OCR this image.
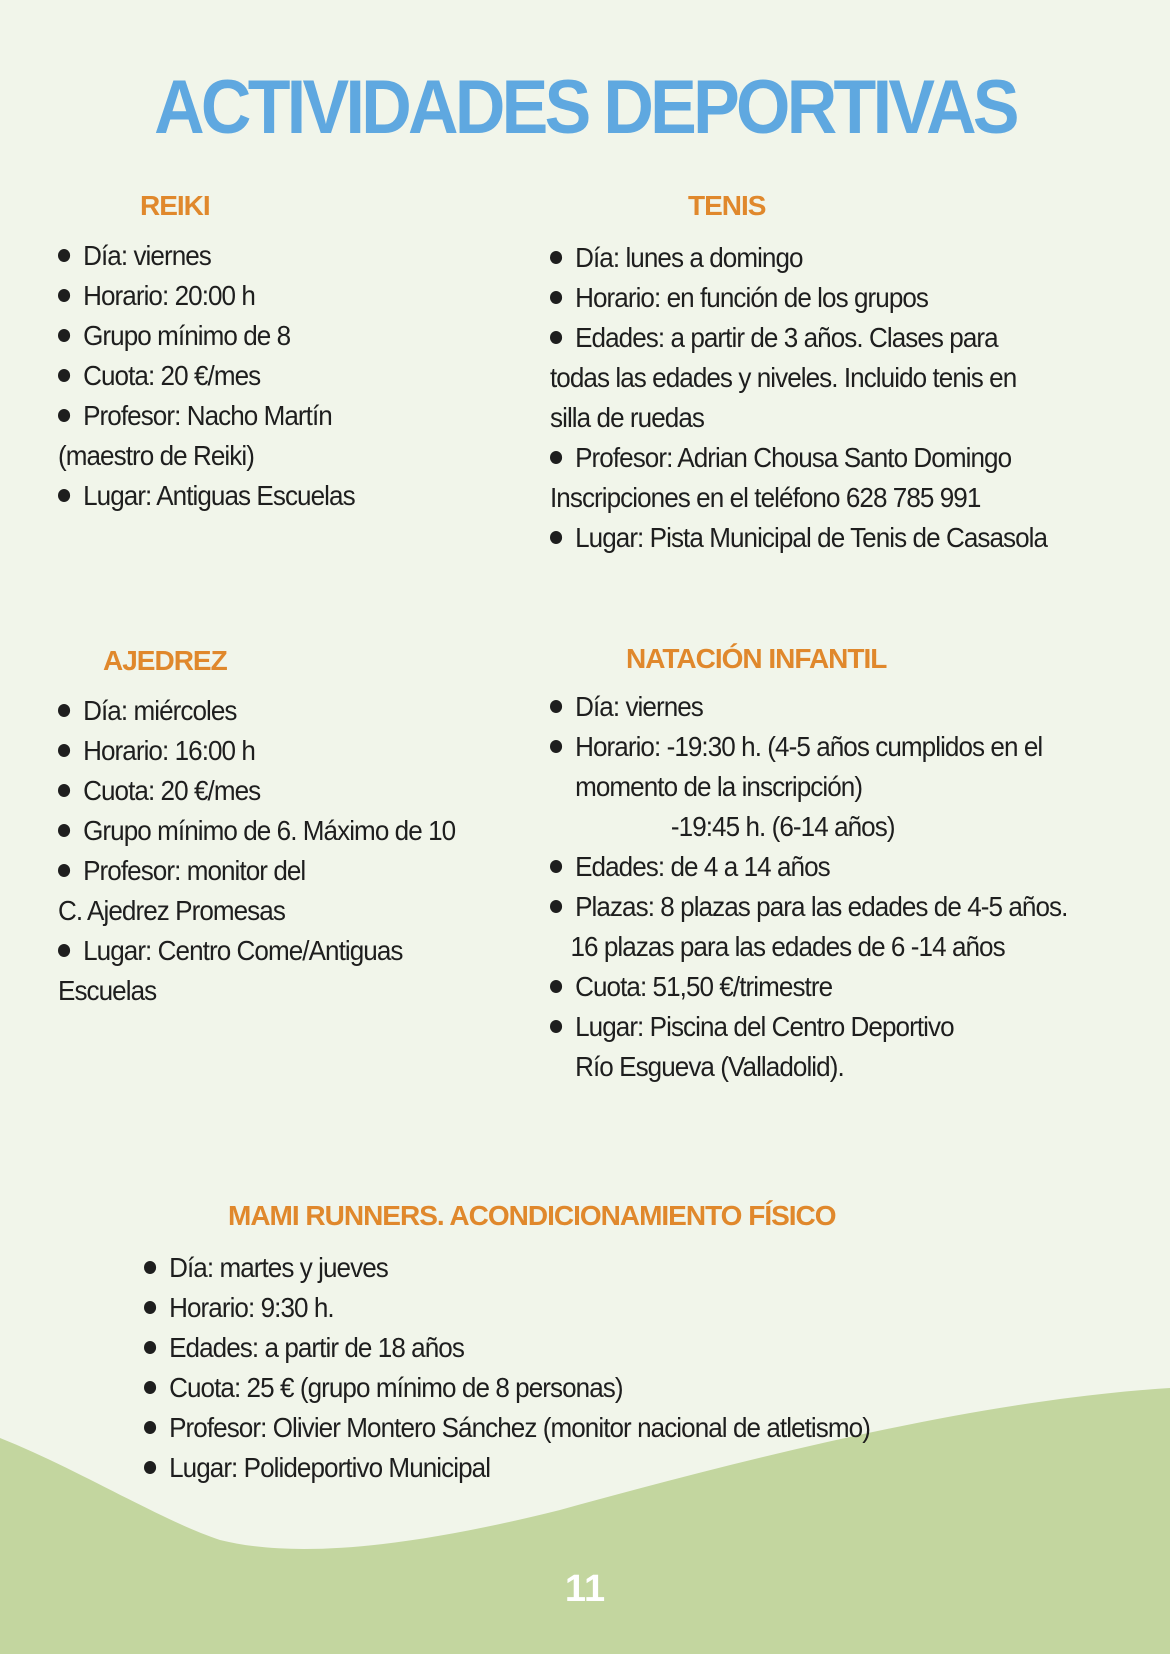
ACTIVIDADES DEPORTIVAS
REIKI
Día: viernes
Horario: 20:00 h
Grupo mínimo de 8
Cuota: 20 €/mes
Profesor: Nacho Martín
(maestro de Reiki)
Lugar: Antiguas Escuelas
TENIS
Día: lunes a domingo
Horario: en función de los grupos
Edades: a partir de 3 años. Clases para
todas las edades y niveles. Incluido tenis en
silla de ruedas
Profesor: Adrian Chousa Santo Domingo
Inscripciones en el teléfono 628 785 991
Lugar: Pista Municipal de Tenis de Casasola
AJEDREZ
Día: miércoles
Horario: 16:00 h
Cuota: 20 €/mes
Grupo mínimo de 6. Máximo de 10
Profesor: monitor del
C. Ajedrez Promesas
Lugar: Centro Come/Antiguas
Escuelas
NATACIÓN INFANTIL
Día: viernes
Horario: -19:30 h. (4-5 años cumplidos en el
momento de la inscripción)
-19:45 h. (6-14 años)
Edades: de 4 a 14 años
Plazas: 8 plazas para las edades de 4-5 años.
16 plazas para las edades de 6 -14 años
Cuota: 51,50 €/trimestre
Lugar: Piscina del Centro Deportivo
Río Esgueva (Valladolid).
MAMI RUNNERS. ACONDICIONAMIENTO FÍSICO
Día: martes y jueves
Horario: 9:30 h.
Edades: a partir de 18 años
Cuota: 25 € (grupo mínimo de 8 personas)
Profesor: Olivier Montero Sánchez (monitor nacional de atletismo)
Lugar: Polideportivo Municipal
11
